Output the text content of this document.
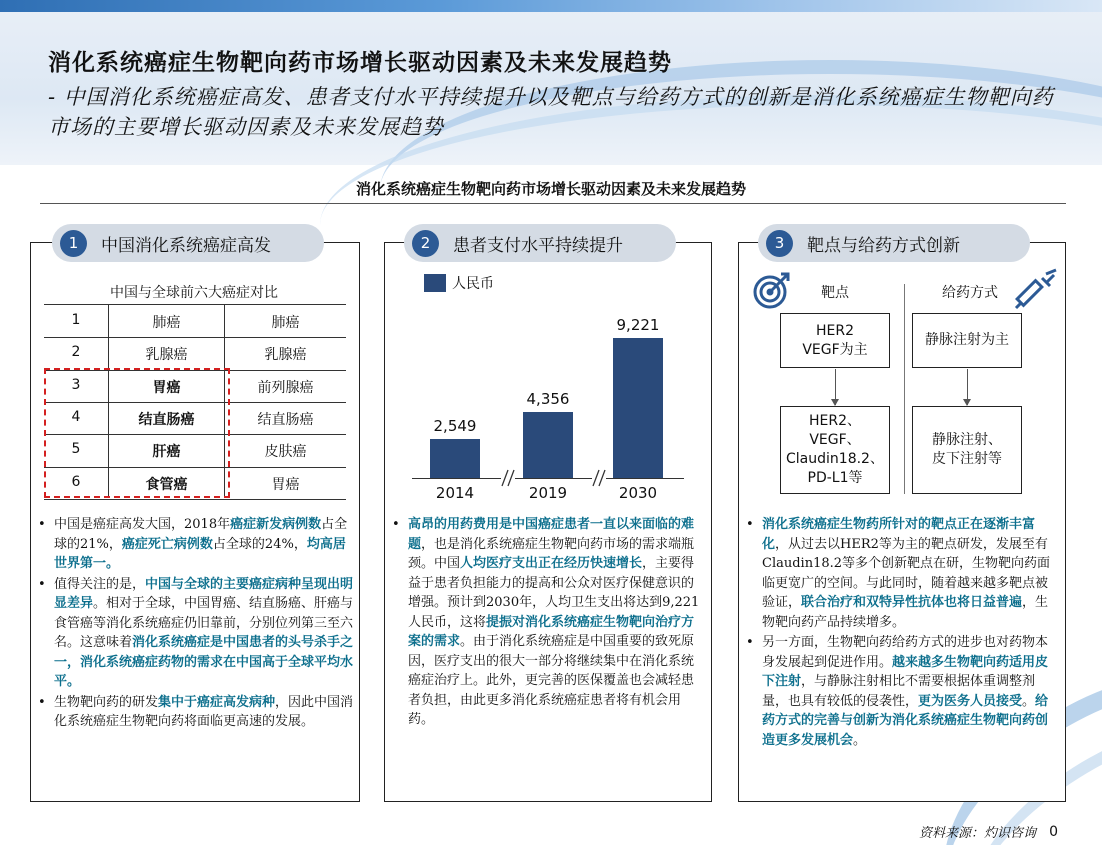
消化系统癌症生物靶向药市场增长驱动因素及未来发展趋势
- 中国消化系统癌症高发、患者支付水平持续提升以及靶点与给药方式的创新是消化系统癌症生物靶向药市场的主要增长驱动因素及未来发展趋势
消化系统癌症生物靶向药市场增长驱动因素及未来发展趋势
1	中国消化系统癌症高发
中国与全球前六大癌症对比
1	肺癌	肺癌
2	乳腺癌	乳腺癌
3	胃癌	前列腺癌
4	结直肠癌	结直肠癌
5	肝癌	皮肤癌
6	食管癌	胃癌

• 中国是癌症高发大国，2018年癌症新发病例数占全球的21%，癌症死亡病例数占全球的24%，均高居世界第一。

• 值得关注的是，中国与全球的主要癌症病种呈现出明显差异。相对于全球，中国胃癌、结直肠癌、肝癌与食管癌等消化系统癌症仍旧靠前，分别位列第三至六名。这意味着消化系统癌症是中国患者的头号杀手之一，消化系统癌症药物的需求在中国高于全球平均水平。

• 生物靶向药的研发集中于癌症高发病种，因此中国消化系统癌症生物靶向药将面临更高速的发展。

2	患者支付水平持续提升
人民币
2,549
2014
4,356
2019
9,221
2030

• 高昂的用药费用是中国癌症患者一直以来面临的难题，也是消化系统癌症生物靶向药市场的需求端瓶颈。中国人均医疗支出正在经历快速增长，主要得益于患者负担能力的提高和公众对医疗保健意识的增强。预计到2030年，人均卫生支出将达到9,221人民币，这将提振对消化系统癌症生物靶向治疗方案的需求。由于消化系统癌症是中国重要的致死原因，医疗支出的很大一部分将继续集中在消化系统癌症治疗上。此外，更完善的医保覆盖也会减轻患者负担，由此更多消化系统癌症患者将有机会用药。

3	靶点与给药方式创新
靶点	给药方式
HER2
VEGF为主
静脉注射为主
HER2、
VEGF、
Claudin18.2、
PD-L1等
静脉注射、
皮下注射等

• 消化系统癌症生物药所针对的靶点正在逐渐丰富化，从过去以HER2等为主的靶点研发，发展至有Claudin18.2等多个创新靶点在研，生物靶向药面临更宽广的空间。与此同时，随着越来越多靶点被验证，联合治疗和双特异性抗体也将日益普遍，生物靶向药产品持续增多。

• 另一方面，生物靶向药给药方式的进步也对药物本身发展起到促进作用。越来越多生物靶向药适用皮下注射，与静脉注射相比不需要根据体重调整剂量，也具有较低的侵袭性，更为医务人员接受。给药方式的完善与创新为消化系统癌症生物靶向药创造更多发展机会。

资料来源：灼识咨询 0
